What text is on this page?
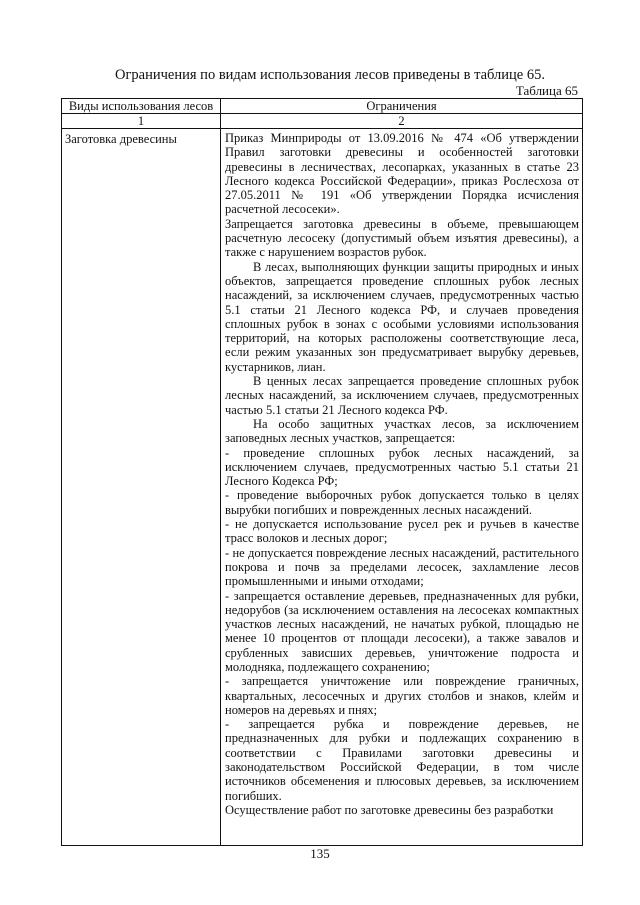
Ограничения по видам использования лесов приведены в таблице 65.
Таблица 65
Виды использования лесов	Ограничения
1	2
Заготовка древесины	Приказ Минприроды от 13.09.2016 № 474 «Об утверждении Правил заготовки древесины и особенностей заготовки древесины в лесничествах, лесопарках, указанных в статье 23 Лесного кодекса Российской Федерации», приказ Рослесхоза от 27.05.2011 № 191 «Об утверждении Порядка исчисления расчетной лесосеки».

Запрещается заготовка древесины в объеме, превышающем расчетную лесосеку (допустимый объем изъятия древесины), а также с нарушением возрастов рубок.

В лесах, выполняющих функции защиты природных и иных объектов, запрещается проведение сплошных рубок лесных насаждений, за исключением случаев, предусмотренных частью 5.1 статьи 21 Лесного кодекса РФ, и случаев проведения сплошных рубок в зонах с особыми условиями использования территорий, на которых расположены соответствующие леса, если режим указанных зон предусматривает вырубку деревьев, кустарников, лиан.

В ценных лесах запрещается проведение сплошных рубок лесных насаждений, за исключением случаев, предусмотренных частью 5.1 статьи 21 Лесного кодекса РФ.

На особо защитных участках лесов, за исключением заповедных лесных участков, запрещается:

- проведение сплошных рубок лесных насаждений, за исключением случаев, предусмотренных частью 5.1 статьи 21 Лесного Кодекса РФ;

- проведение выборочных рубок допускается только в целях вырубки погибших и поврежденных лесных насаждений.

- не допускается использование русел рек и ручьев в качестве трасс волоков и лесных дорог;

- не допускается повреждение лесных насаждений, растительного покрова и почв за пределами лесосек, захламление лесов промышленными и иными отходами;

- запрещается оставление деревьев, предназначенных для рубки, недорубов (за исключением оставления на лесосеках компактных участков лесных насаждений, не начатых рубкой, площадью не менее 10 процентов от площади лесосеки), а также завалов и срубленных зависших деревьев, уничтожение подроста и молодняка, подлежащего сохранению;

- запрещается уничтожение или повреждение граничных, квартальных, лесосечных и других столбов и знаков, клейм и номеров на деревьях и пнях;

- запрещается рубка и повреждение деревьев, не предназначенных для рубки и подлежащих сохранению в соответствии с Правилами заготовки древесины и законодательством Российской Федерации, в том числе источников обсеменения и плюсовых деревьев, за исключением погибших.

Осуществление работ по заготовке древесины без разработки

135
